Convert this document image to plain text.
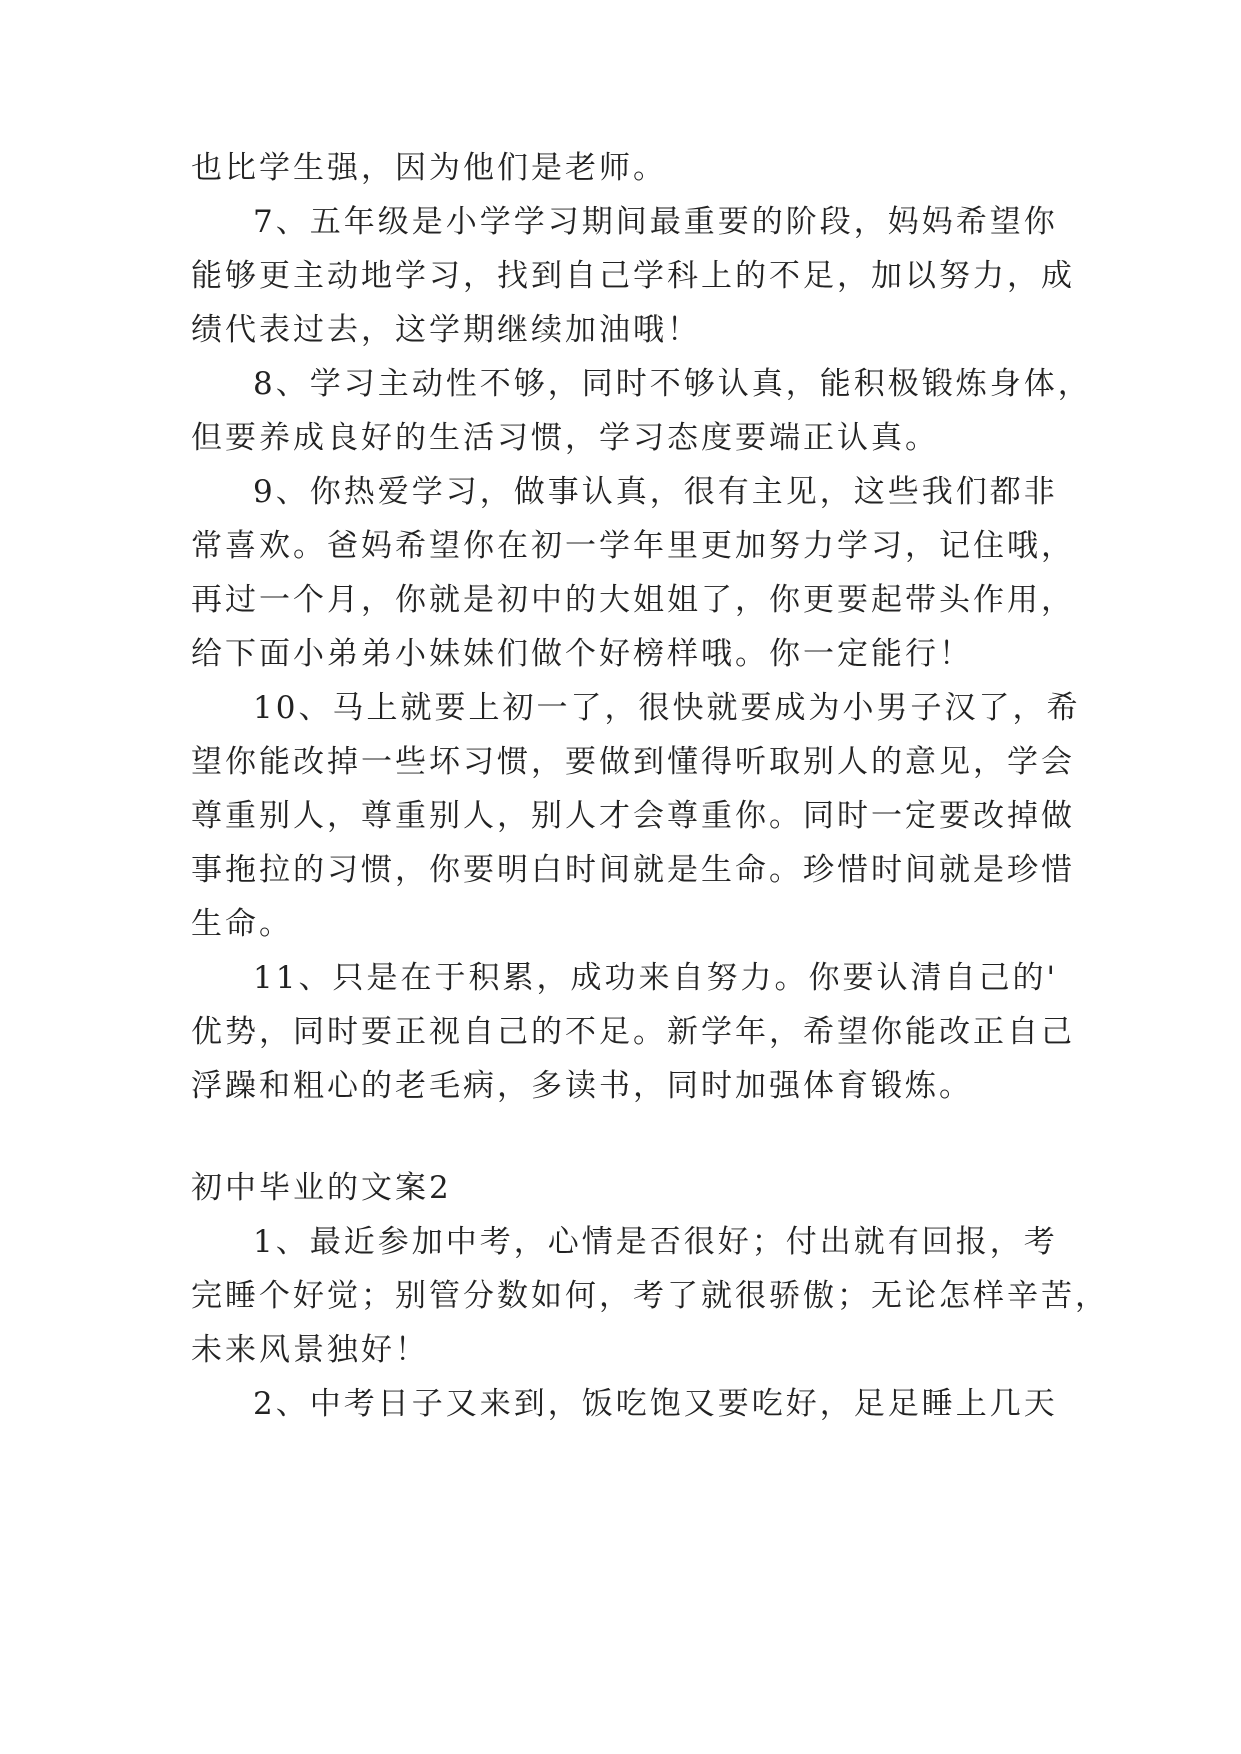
也比学生强，因为他们是老师。
7、五年级是小学学习期间最重要的阶段，妈妈希望你
能够更主动地学习，找到自己学科上的不足，加以努力，成
绩代表过去，这学期继续加油哦！
8、学习主动性不够，同时不够认真，能积极锻炼身体，
但要养成良好的生活习惯，学习态度要端正认真。
9、你热爱学习，做事认真，很有主见，这些我们都非
常喜欢。爸妈希望你在初一学年里更加努力学习，记住哦，
再过一个月，你就是初中的大姐姐了，你更要起带头作用，
给下面小弟弟小妹妹们做个好榜样哦。你一定能行！
10、马上就要上初一了，很快就要成为小男子汉了，希
望你能改掉一些坏习惯，要做到懂得听取别人的意见，学会
尊重别人，尊重别人，别人才会尊重你。同时一定要改掉做
事拖拉的习惯，你要明白时间就是生命。珍惜时间就是珍惜
生命。
11、只是在于积累，成功来自努力。你要认清自己的'
优势，同时要正视自己的不足。新学年，希望你能改正自己
浮躁和粗心的老毛病，多读书，同时加强体育锻炼。
初中毕业的文案2
1、最近参加中考，心情是否很好；付出就有回报，考
完睡个好觉；别管分数如何，考了就很骄傲；无论怎样辛苦，
未来风景独好！
2、中考日子又来到，饭吃饱又要吃好，足足睡上几天
